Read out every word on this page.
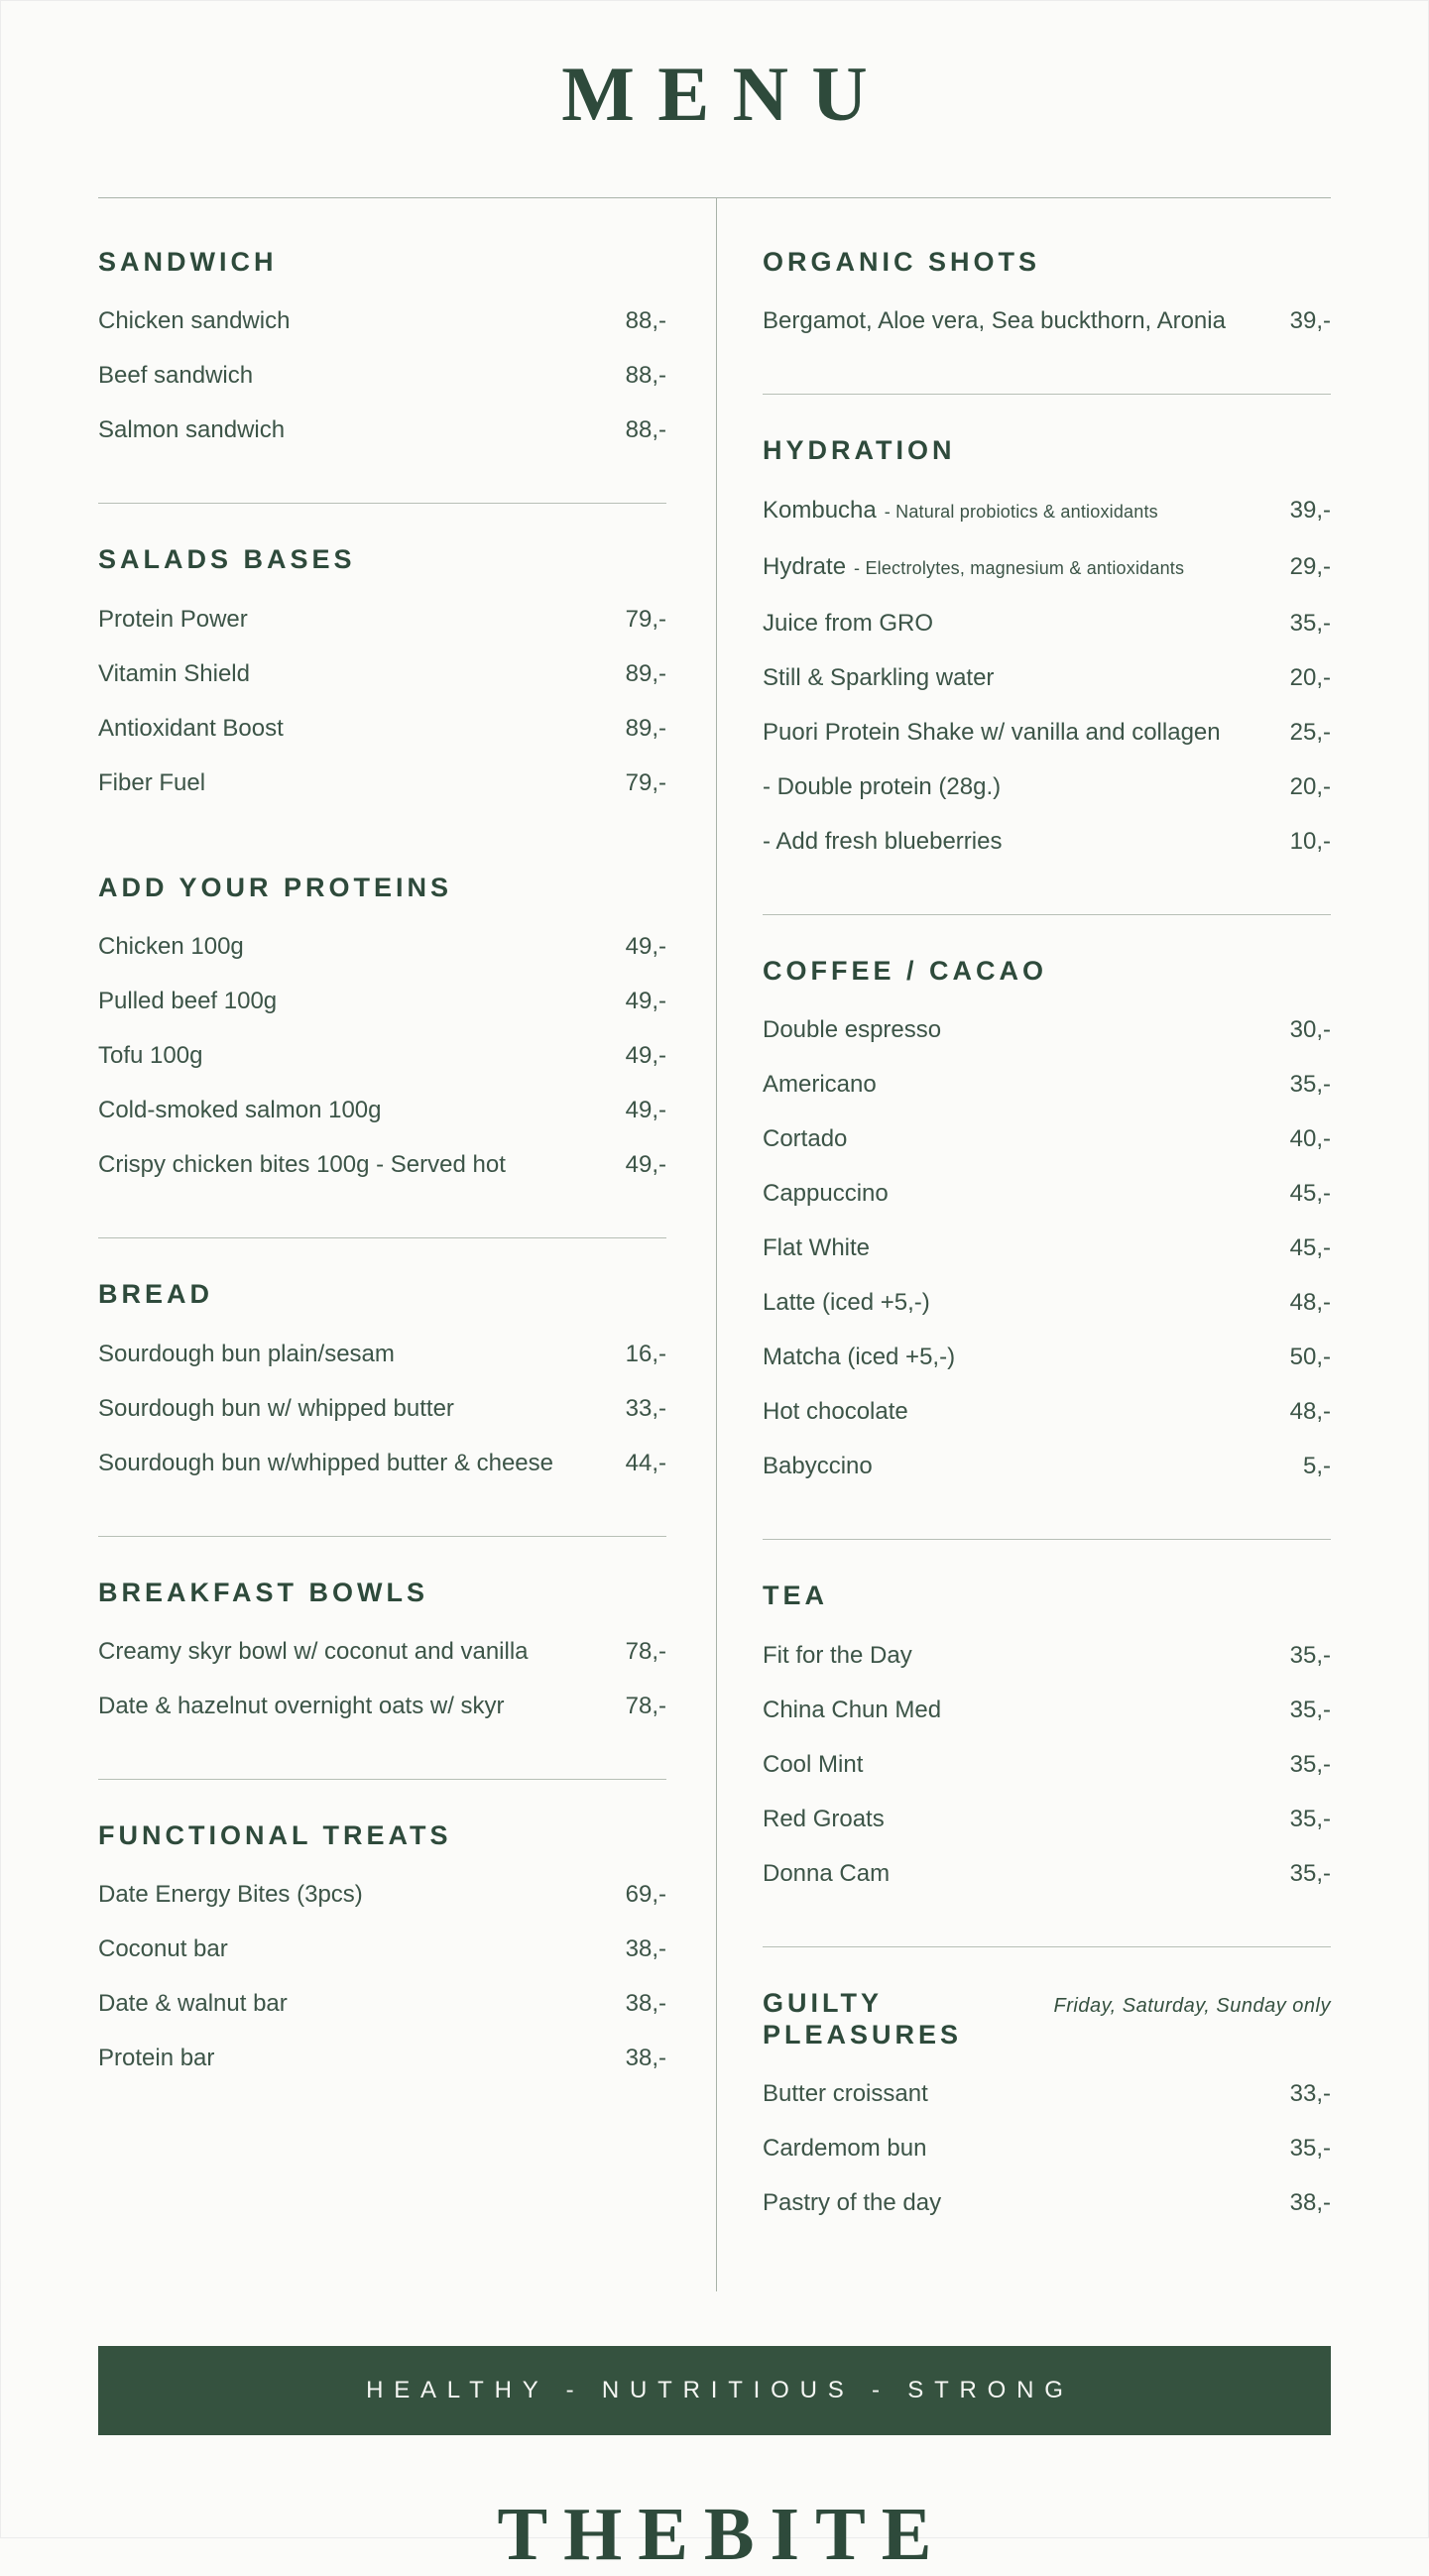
MENU
SANDWICH
Chicken sandwich	88,-
Beef sandwich	88,-
Salmon sandwich	88,-
SALADS BASES
Protein Power	79,-
Vitamin Shield	89,-
Antioxidant Boost	89,-
Fiber Fuel	79,-
ADD YOUR PROTEINS
Chicken 100g	49,-
Pulled beef 100g	49,-
Tofu 100g	49,-
Cold-smoked salmon 100g	49,-
Crispy chicken bites 100g - Served hot	49,-
BREAD
Sourdough bun plain/sesam	16,-
Sourdough bun w/ whipped butter	33,-
Sourdough bun w/whipped butter & cheese	44,-
BREAKFAST BOWLS
Creamy skyr bowl w/ coconut and vanilla	78,-
Date & hazelnut overnight oats w/ skyr	78,-
FUNCTIONAL TREATS
Date Energy Bites (3pcs)	69,-
Coconut bar	38,-
Date & walnut bar	38,-
Protein bar	38,-
ORGANIC SHOTS
Bergamot, Aloe vera, Sea buckthorn, Aronia	39,-
HYDRATION
Kombucha - Natural probiotics & antioxidants	39,-
Hydrate - Electrolytes, magnesium & antioxidants	29,-
Juice from GRO	35,-
Still & Sparkling water	20,-
Puori Protein Shake w/ vanilla and collagen	25,-
- Double protein (28g.)	20,-
- Add fresh blueberries	10,-
COFFEE / CACAO
Double espresso	30,-
Americano	35,-
Cortado	40,-
Cappuccino	45,-
Flat White	45,-
Latte (iced +5,-)	48,-
Matcha (iced +5,-)	50,-
Hot chocolate	48,-
Babyccino	5,-
TEA
Fit for the Day	35,-
China Chun Med	35,-
Cool Mint	35,-
Red Groats	35,-
Donna Cam	35,-
GUILTY PLEASURES
Friday, Saturday, Sunday only
Butter croissant	33,-
Cardemom bun	35,-
Pastry of the day	38,-
HEALTHY - NUTRITIOUS - STRONG
THEBITE
